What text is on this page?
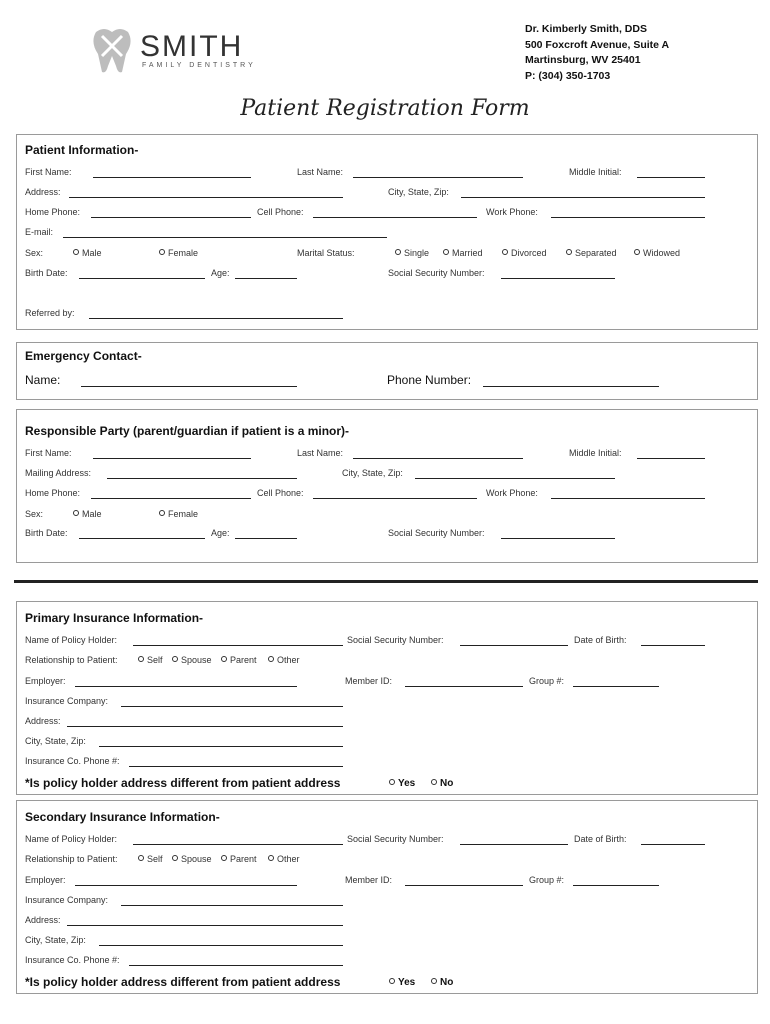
SMITH
FAMILY DENTISTRY
Dr. Kimberly Smith, DDS
500 Foxcroft Avenue, Suite A
Martinsburg, WV 25401
P: (304) 350-1703
Patient Registration Form
Patient Information-
First Name:	Last Name:	Middle Initial:
Address:	City, State, Zip:
Home Phone:	Cell Phone:	Work Phone:
E-mail:
Sex:	Male	Female	Marital Status:	Single	Married	Divorced	Separated	Widowed
Birth Date:	Age:	Social Security Number:
Referred by:
Emergency Contact-
Name:	Phone Number:
Responsible Party (parent/guardian if patient is a minor)-
First Name:	Last Name:	Middle Initial:
Mailing Address:	City, State, Zip:
Home Phone:	Cell Phone:	Work Phone:
Sex:	Male	Female
Birth Date:	Age:	Social Security Number:
Primary Insurance Information-
Name of Policy Holder:	Social Security Number:	Date of Birth:
Relationship to Patient:	Self	Spouse	Parent	Other
Employer:	Member ID:	Group #:
Insurance Company:
Address:
City, State, Zip:
Insurance Co. Phone #:
*Is policy holder address different from patient address	Yes	No
Secondary Insurance Information-
Name of Policy Holder:	Social Security Number:	Date of Birth:
Relationship to Patient:	Self	Spouse	Parent	Other
Employer:	Member ID:	Group #:
Insurance Company:
Address:
City, State, Zip:
Insurance Co. Phone #:
*Is policy holder address different from patient address	Yes	No
